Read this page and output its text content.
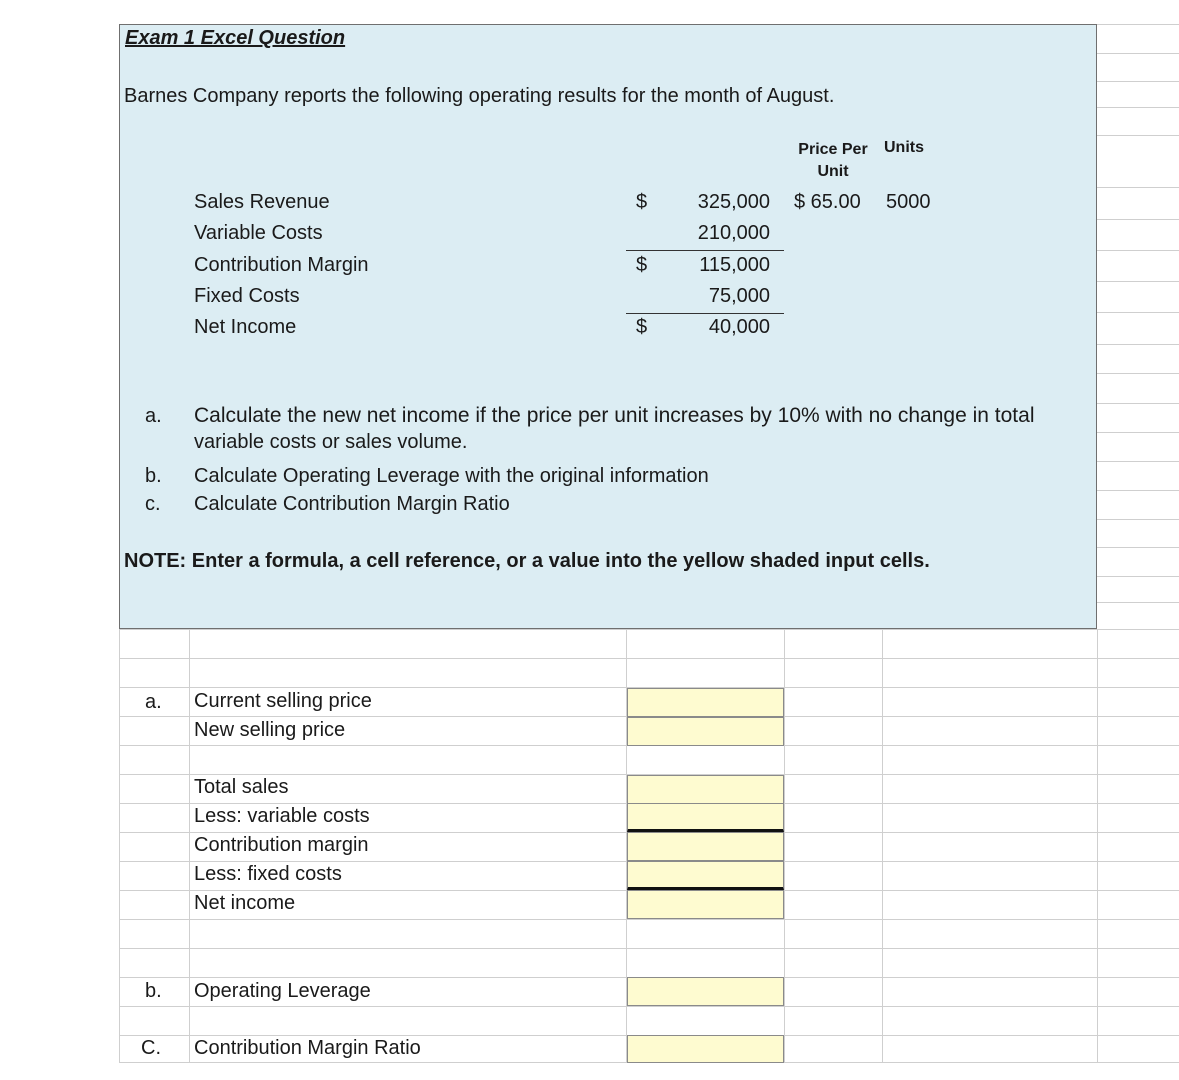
Exam 1 Excel Question
Barnes Company reports the following operating results for the month of August.
Price Per
Unit
Units
Sales Revenue	$	325,000 $ 65.00 5000
Variable Costs	210,000
Contribution Margin	$	115,000
Fixed Costs	75,000
Net Income	$	40,000
a. Calculate the new net income if the price per unit increases by 10% with no change in total
variable costs or sales volume.
b. Calculate Operating Leverage with the original information
c. Calculate Contribution Margin Ratio
NOTE: Enter a formula, a cell reference, or a value into the yellow shaded input cells.
a. Current selling price
New selling price
Total sales
Less: variable costs
Contribution margin
Less: fixed costs
Net income
b. Operating Leverage
C. Contribution Margin Ratio
